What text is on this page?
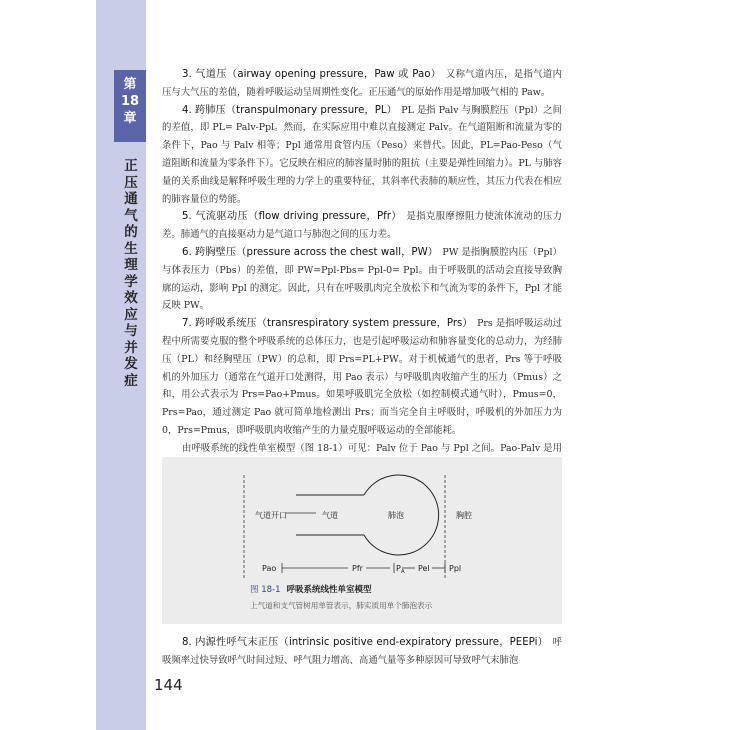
第
18
章
正压通气的生理学效应与并发症

3. 气道压（airway opening pressure，Paw 或 Pao）　 又称气道内压，是指气道内压与大气压的差值，随着呼吸运动呈周期性变化。正压通气的原始作用是增加吸气相的 Paw。

4. 跨肺压（transpulmonary pressure，PL）　 PL 是指 Palv 与胸膜腔压（Ppl）之间的差值，即 PL= Palv-Ppl。然而，在实际应用中难以直接测定 Palv。在气道阻断和流量为零的条件下，Pao 与 Palv 相等；Ppl 通常用食管内压（Peso）来替代。因此，PL=Pao-Peso（气道阻断和流量为零条件下）。它反映在相应的肺容量时肺的阻抗（主要是弹性回缩力）。PL 与肺容量的关系曲线是解释呼吸生理的力学上的重要特征，其斜率代表肺的顺应性，其压力代表在相应的肺容量位的势能。

5. 气流驱动压（flow driving pressure，Pfr）　 是指克服摩擦阻力使流体流动的压力差。肺通气的直接驱动力是气道口与肺泡之间的压力差。

6. 跨胸壁压（pressure across the chest wall，PW）　 PW 是指胸膜腔内压（Ppl）与体表压力（Pbs）的差值，即 PW=Ppl-Pbs= Ppl-0= Ppl。由于呼吸肌的活动会直接导致胸廓的运动，影响 Ppl 的测定。因此，只有在呼吸肌肉完全放松下和气流为零的条件下，Ppl 才能反映 PW。

7. 跨呼吸系统压（transrespiratory system pressure，Prs）　 Prs 是指呼吸运动过程中所需要克服的整个呼吸系统的总体压力，也是引起呼吸运动和肺容量变化的总动力，为经肺压（PL）和经胸壁压（PW）的总和，即 Prs=PL+PW。对于机械通气的患者，Prs 等于呼吸机的外加压力（通常在气道开口处测得，用 Pao 表示）与呼吸肌肉收缩产生的压力（Pmus）之和，用公式表示为 Prs=Pao+Pmus。如果呼吸肌完全放松（如控制模式通气时），Pmus=0，Prs=Pao，通过测定 Pao 就可简单地检测出 Prs；而当完全自主呼吸时，呼吸机的外加压力为 0，Prs=Pmus，即呼吸肌肉收缩产生的力量克服呼吸运动的全部能耗。

由呼吸系统的线性单室模型（图 18-1）可见：Palv 位于 Pao 与 Ppl 之间。Pao-Palv 是用

气道开口	气道	肺泡	胸腔
Pao	Pfr	$P_A$ Pel Ppl
图 18-1 呼吸系统线性单室模型
上气道和支气管树用单管表示，肺实质用单个肺泡表示

8. 内源性呼气末正压（intrinsic positive end-expiratory pressure，PEEPi）　 呼吸频率过快导致呼气时间过短、呼气阻力增高、高通气量等多种原因可导致呼气末肺泡

144
